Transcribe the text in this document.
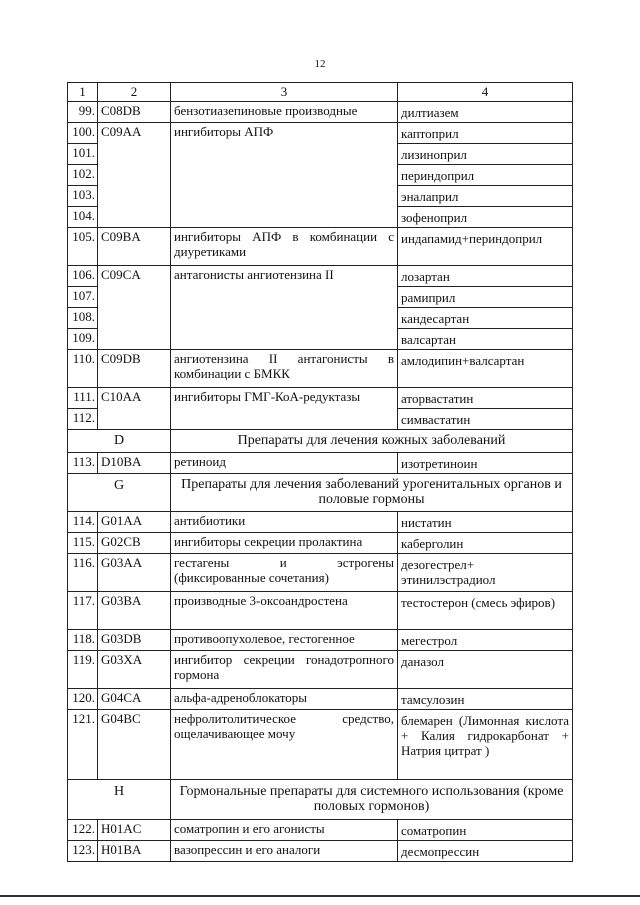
12
1	2	3	4
99.	C08DB	бензотиазепиновые производные	дилтиазем
100.	C09AA	ингибиторы АПФ	каптоприл
101.			лизиноприл
102.			периндоприл
103.			эналаприл
104.			зофеноприл
105.	C09BA	ингибиторы АПФ в комбинации с диуретиками	индапамид+периндоприл
106.	C09CA	антагонисты ангиотензина II	лозартан
107.			рамиприл
108.			кандесартан
109.			валсартан
110.	C09DB	ангиотензина II антагонисты в комбинации с БМКК	амлодипин+валсартан
111.	C10AA	ингибиторы ГМГ-КоА-редуктазы	аторвастатин
112.			симвастатин
D		Препараты для лечения кожных заболеваний	
113.	D10BA	ретиноид	изотретиноин
G		Препараты для лечения заболеваний урогенитальных органов и половые гормоны	
114.	G01AA	антибиотики	нистатин
115.	G02CB	ингибиторы секреции пролактина	каберголин
116.	G03AA	гестагены и эстрогены (фиксированные сочетания)	дезогестрел+ этинилэстрадиол
117.	G03BA	производные 3-оксоандростена	тестостерон (смесь эфиров)
118.	G03DB	противоопухолевое, гестогенное	мегестрол
119.	G03XA	ингибитор секреции гонадотропного гормона	даназол
120.	G04CA	альфа-адреноблокаторы	тамсулозин
121.	G04BC	нефролитолитическое средство, ощелачивающее мочу	блемарен (Лимонная кислота + Калия гидрокарбонат + Натрия цитрат )
H		Гормональные препараты для системного использования (кроме половых гормонов)	
122.	H01AC	соматропин и его агонисты	соматропин
123.	H01BA	вазопрессин и его аналоги	десмопрессин
